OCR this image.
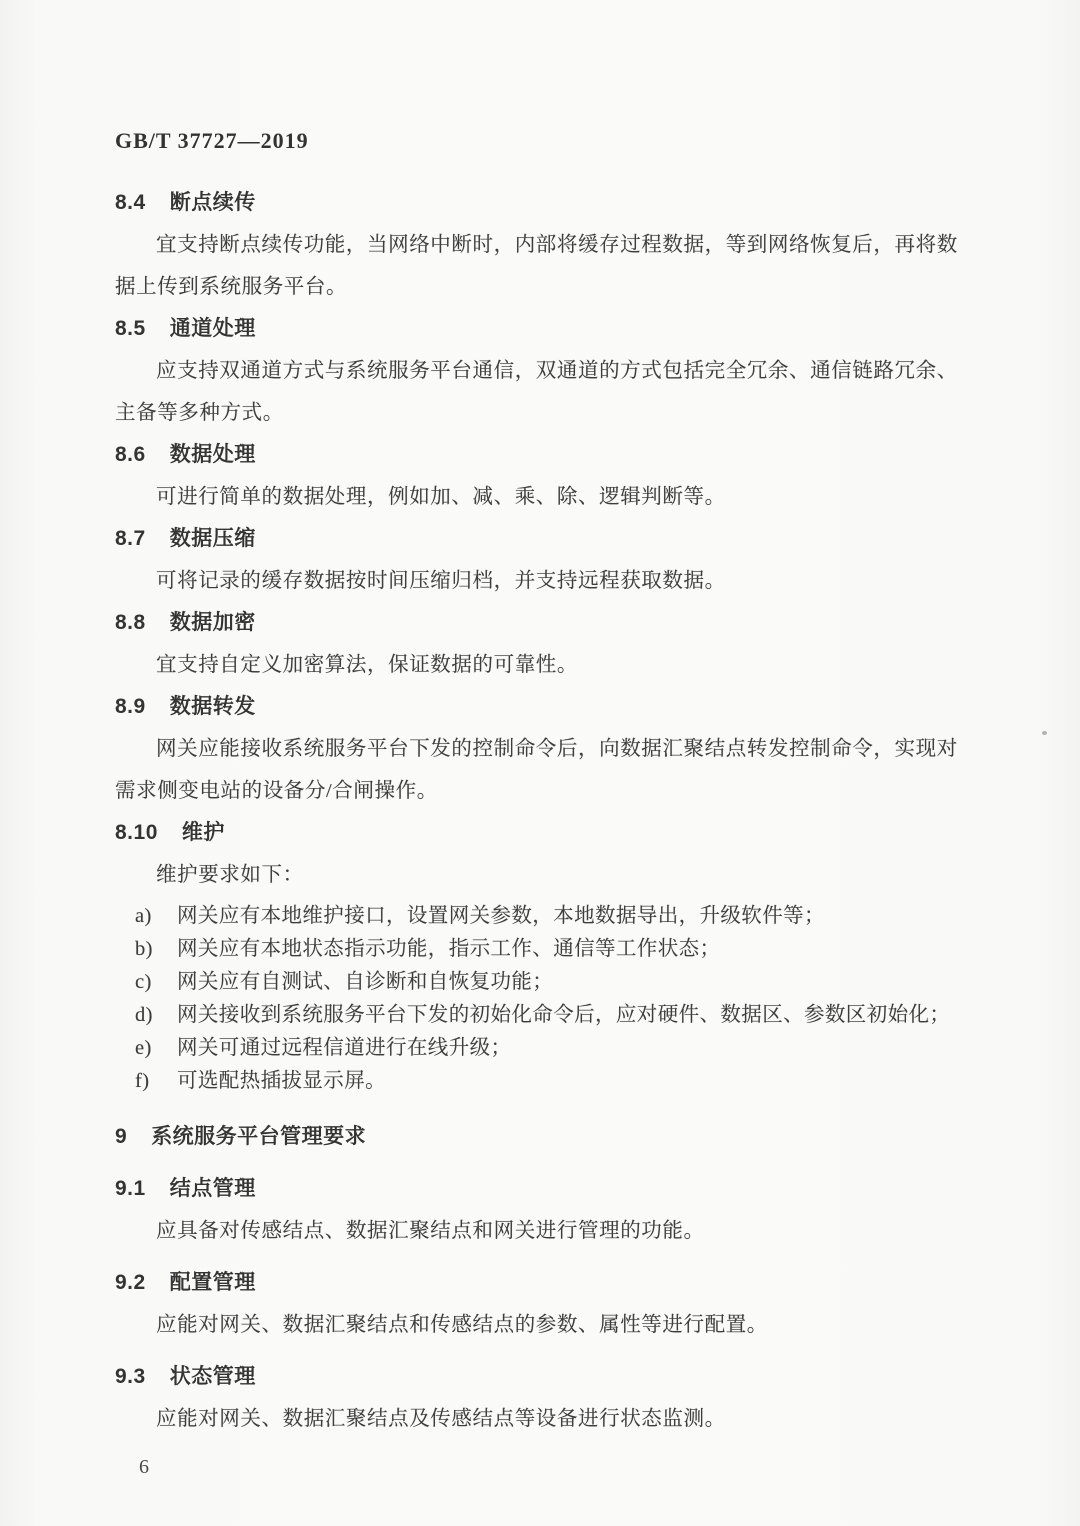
GB/T 37727—2019
8.4 断点续传

宜支持断点续传功能，当网络中断时，内部将缓存过程数据，等到网络恢复后，再将数据上传到系统服务平台。

8.5 通道处理

应支持双通道方式与系统服务平台通信，双通道的方式包括完全冗余、通信链路冗余、主备等多种方式。

8.6 数据处理

可进行简单的数据处理，例如加、减、乘、除、逻辑判断等。

8.7 数据压缩

可将记录的缓存数据按时间压缩归档，并支持远程获取数据。

8.8 数据加密

宜支持自定义加密算法，保证数据的可靠性。

8.9 数据转发

网关应能接收系统服务平台下发的控制命令后，向数据汇聚结点转发控制命令，实现对需求侧变电站的设备分/合闸操作。

8.10 维护

维护要求如下：

a) 网关应有本地维护接口，设置网关参数，本地数据导出，升级软件等；
b) 网关应有本地状态指示功能，指示工作、通信等工作状态；
c) 网关应有自测试、自诊断和自恢复功能；
d) 网关接收到系统服务平台下发的初始化命令后，应对硬件、数据区、参数区初始化；
e) 网关可通过远程信道进行在线升级；
f) 可选配热插拔显示屏。
9 系统服务平台管理要求
9.1 结点管理

应具备对传感结点、数据汇聚结点和网关进行管理的功能。

9.2 配置管理

应能对网关、数据汇聚结点和传感结点的参数、属性等进行配置。

9.3 状态管理

应能对网关、数据汇聚结点及传感结点等设备进行状态监测。

6
